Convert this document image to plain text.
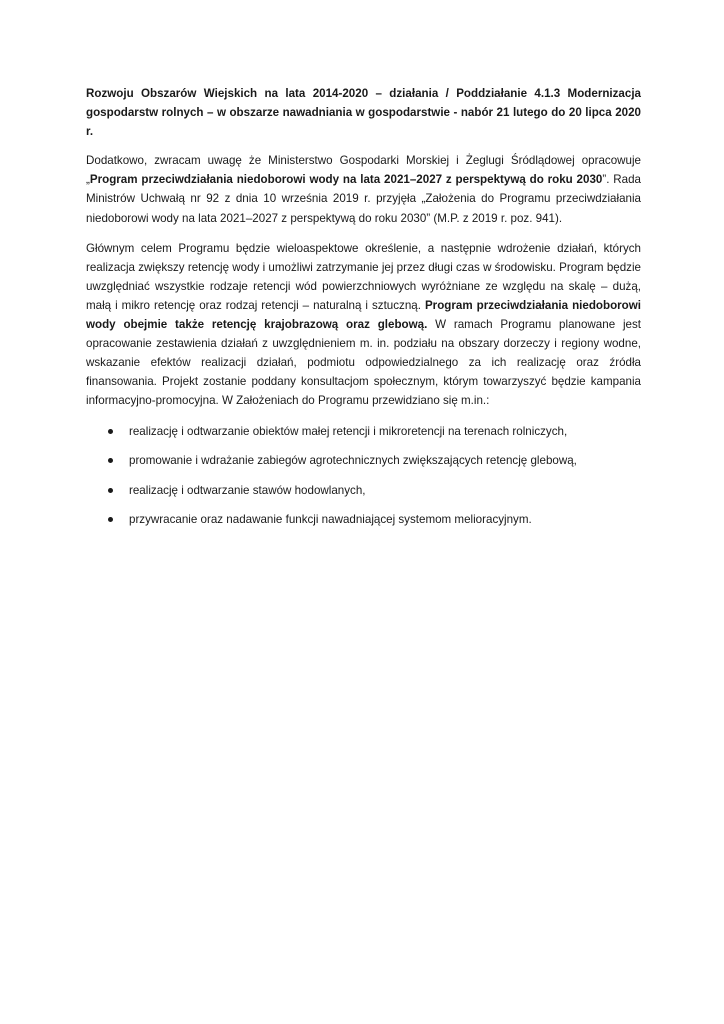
Rozwoju Obszarów Wiejskich na lata 2014-2020 – działania / Poddziałanie 4.1.3 Modernizacja gospodarstw rolnych – w obszarze nawadniania w gospodarstwie - nabór 21 lutego do 20 lipca 2020 r.

Dodatkowo, zwracam uwagę że Ministerstwo Gospodarki Morskiej i Żeglugi Śródlądowej opracowuje „Program przeciwdziałania niedoborowi wody na lata 2021–2027 z perspektywą do roku 2030”. Rada Ministrów Uchwałą nr 92 z dnia 10 września 2019 r. przyjęła „Założenia do Programu przeciwdziałania niedoborowi wody na lata 2021–2027 z perspektywą do roku 2030” (M.P. z 2019 r. poz. 941).

Głównym celem Programu będzie wieloaspektowe określenie, a następnie wdrożenie działań, których realizacja zwiększy retencję wody i umożliwi zatrzymanie jej przez długi czas w środowisku. Program będzie uwzględniać wszystkie rodzaje retencji wód powierzchniowych wyróżniane ze względu na skalę – dużą, małą i mikro retencję oraz rodzaj retencji – naturalną i sztuczną. Program przeciwdziałania niedoborowi wody obejmie także retencję krajobrazową oraz glebową. W ramach Programu planowane jest opracowanie zestawienia działań z uwzględnieniem m. in. podziału na obszary dorzeczy i regiony wodne, wskazanie efektów realizacji działań, podmiotu odpowiedzialnego za ich realizację oraz źródła finansowania. Projekt zostanie poddany konsultacjom społecznym, którym towarzyszyć będzie kampania informacyjno-promocyjna. W Założeniach do Programu przewidziano się m.in.:

realizację i odtwarzanie obiektów małej retencji i mikroretencji na terenach rolniczych,
promowanie i wdrażanie zabiegów agrotechnicznych zwiększających retencję glebową,
realizację i odtwarzanie stawów hodowlanych,
przywracanie oraz nadawanie funkcji nawadniającej systemom melioracyjnym.
